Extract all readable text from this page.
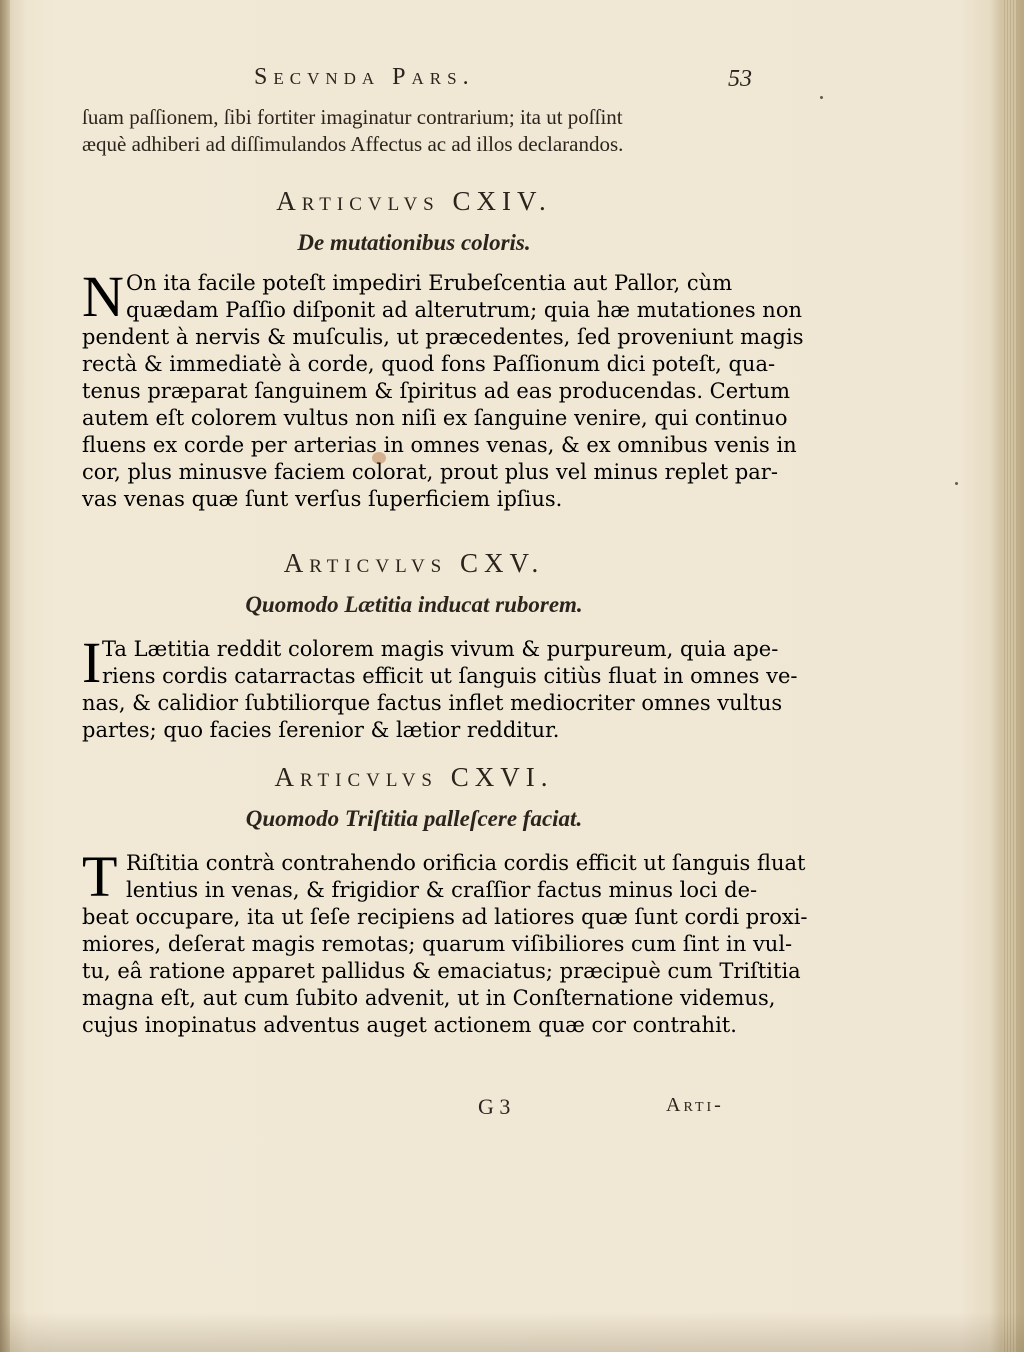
Secvnda Pars.	53
ſuam paſſionem, ſibi fortiter imaginatur contrarium; ita ut poſſint
æquè adhiberi ad diſſimulandos Affectus ac ad illos declarandos.
Articvlvs CXIV.
De mutationibus coloris.
N On ita facile poteſt impediri Erubeſcentia aut Pallor, cùm
quædam Paſſio diſponit ad alterutrum; quia hæ mutationes non
pendent à nervis & muſculis, ut præcedentes, ſed proveniunt magis
rectà & immediatè à corde, quod fons Paſſionum dici poteſt, qua-
tenus præparat ſanguinem & ſpiritus ad eas producendas. Certum
autem eſt colorem vultus non niſi ex ſanguine venire, qui continuo
fluens ex corde per arterias in omnes venas, & ex omnibus venis in
cor, plus minusve faciem colorat, prout plus vel minus replet par-
vas venas quæ ſunt verſus ſuperficiem ipſius.
Articvlvs CXV.
Quomodo Lætitia inducat ruborem.
I Ta Lætitia reddit colorem magis vivum & purpureum, quia ape-
riens cordis catarractas efficit ut ſanguis citiùs fluat in omnes ve-
nas, & calidior ſubtiliorque factus inflet mediocriter omnes vultus
partes; quo facies ſerenior & lætior redditur.
Articvlvs CXVI.
Quomodo Triſtitia palleſcere faciat.
T Riſtitia contrà contrahendo orificia cordis efficit ut ſanguis fluat
lentius in venas, & frigidior & craſſior factus minus loci de-
beat occupare, ita ut ſeſe recipiens ad latiores quæ ſunt cordi proxi-
miores, deſerat magis remotas; quarum viſibiliores cum ſint in vul-
tu, eâ ratione apparet pallidus & emaciatus; præcipuè cum Triſtitia
magna eſt, aut cum ſubito advenit, ut in Conſternatione videmus,
cujus inopinatus adventus auget actionem quæ cor contrahit.
G 3	Arti-
